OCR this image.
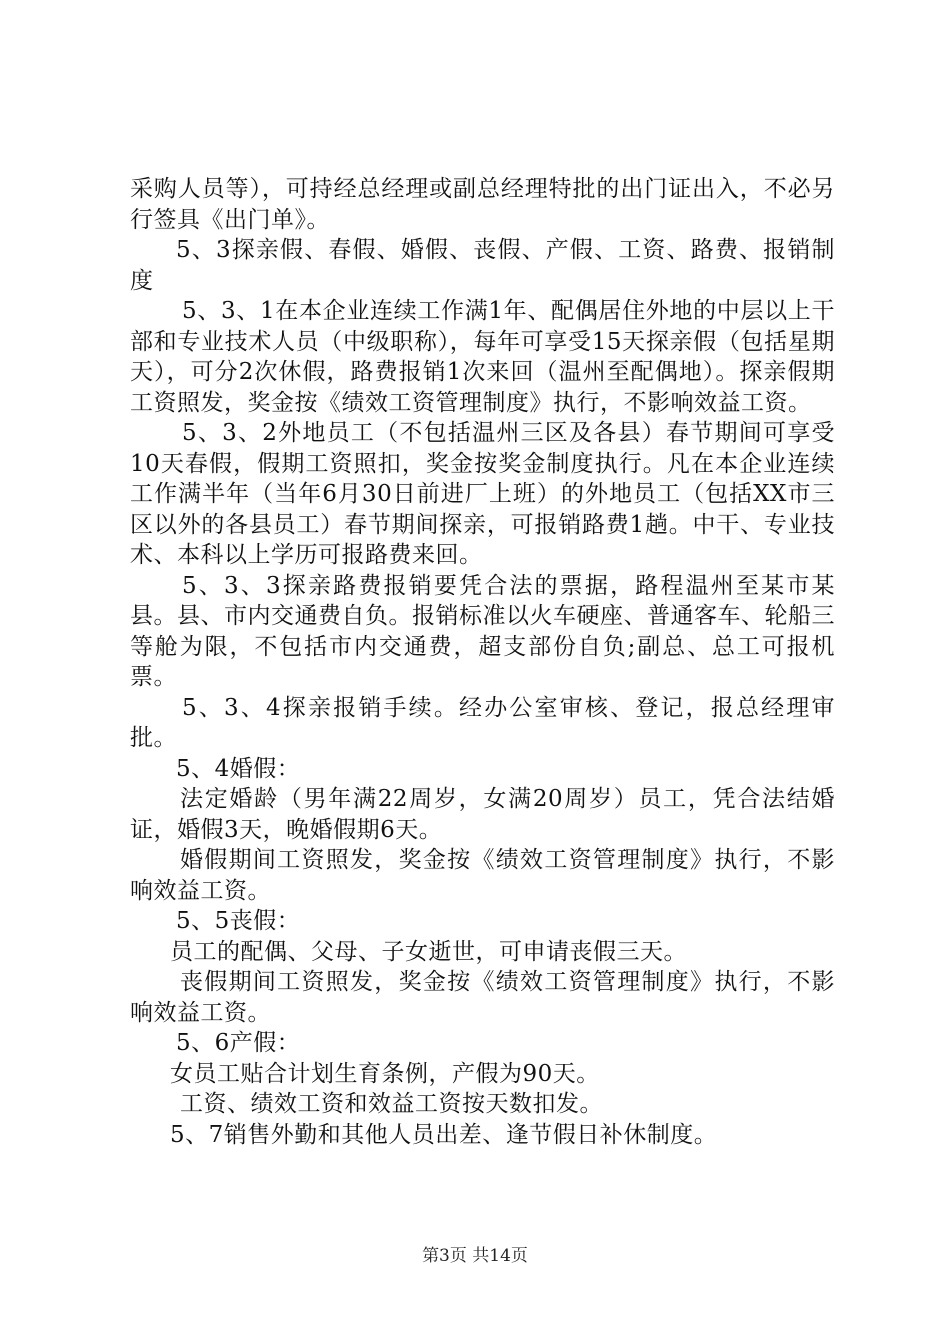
采购人员等），可持经总经理或副总经理特批的出门证出入，不必另行签具《出门单》。

5、3探亲假、春假、婚假、丧假、产假、工资、路费、报销制度

5、3、1在本企业连续工作满1年、配偶居住外地的中层以上干部和专业技术人员（中级职称），每年可享受15天探亲假（包括星期天），可分2次休假，路费报销1次来回（温州至配偶地）。探亲假期工资照发，奖金按《绩效工资管理制度》执行，不影响效益工资。

5、3、2外地员工（不包括温州三区及各县）春节期间可享受10天春假，假期工资照扣，奖金按奖金制度执行。凡在本企业连续工作满半年（当年6月30日前进厂上班）的外地员工（包括XX市三区以外的各县员工）春节期间探亲，可报销路费1趟。中干、专业技术、本科以上学历可报路费来回。

5、3、3探亲路费报销要凭合法的票据，路程温州至某市某县。县、市内交通费自负。报销标准以火车硬座、普通客车、轮船三等舱为限，不包括市内交通费，超支部份自负;副总、总工可报机票。

5、3、4探亲报销手续。经办公室审核、登记，报总经理审批。

5、4婚假：

法定婚龄（男年满22周岁，女满20周岁）员工，凭合法结婚证，婚假3天，晚婚假期6天。

婚假期间工资照发，奖金按《绩效工资管理制度》执行，不影响效益工资。

5、5丧假：

员工的配偶、父母、子女逝世，可申请丧假三天。

丧假期间工资照发，奖金按《绩效工资管理制度》执行，不影响效益工资。

5、6产假：

女员工贴合计划生育条例，产假为90天。

工资、绩效工资和效益工资按天数扣发。

5、7销售外勤和其他人员出差、逢节假日补休制度。

第3页 共14页
